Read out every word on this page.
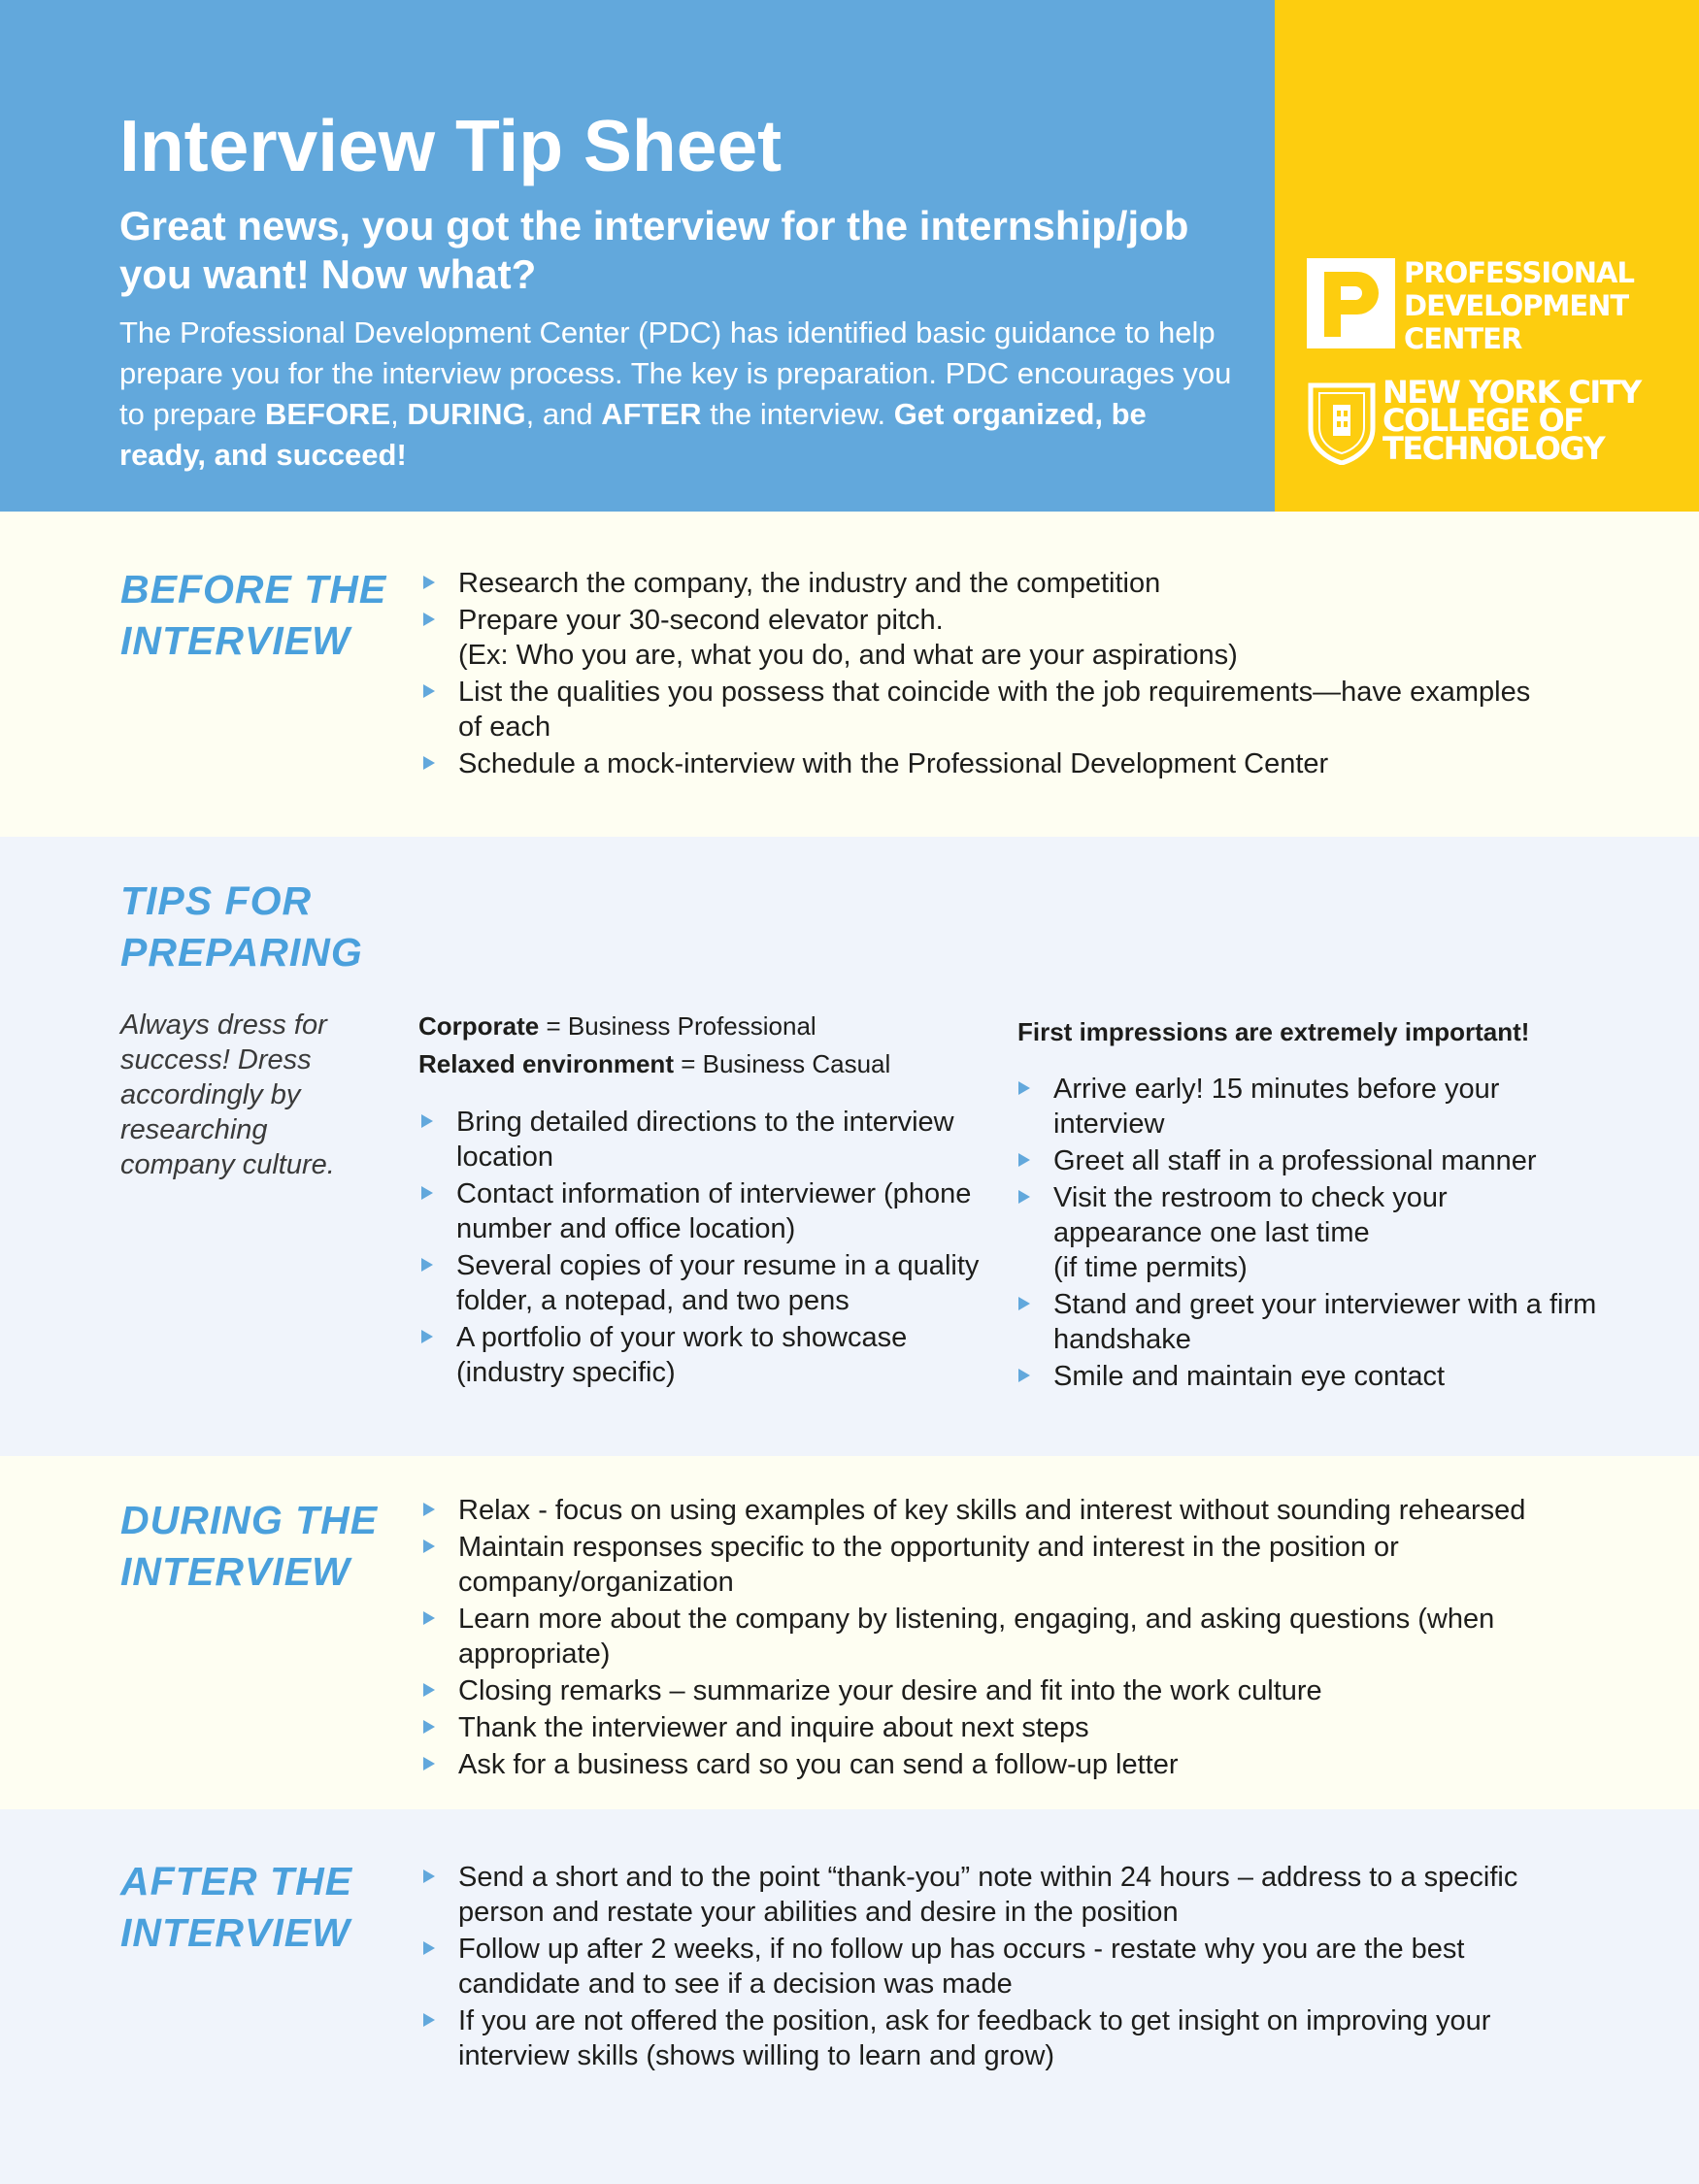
Interview Tip Sheet
Great news, you got the interview for the internship/job you want! Now what?

The Professional Development Center (PDC) has identified basic guidance to help prepare you for the interview process. The key is preparation. PDC encourages you to prepare BEFORE, DURING, and AFTER the interview. Get organized, be ready, and succeed!

PROFESSIONAL
DEVELOPMENT
CENTER
NEW YORK CITY
COLLEGE OF
TECHNOLOGY
BEFORE THE
INTERVIEW
Research the company, the industry and the competition
Prepare your 30-second elevator pitch.
(Ex: Who you are, what you do, and what are your aspirations)
List the qualities you possess that coincide with the job requirements—have examples of each
Schedule a mock-interview with the Professional Development Center
TIPS FOR
PREPARING

Always dress for success! Dress accordingly by researching company culture.

Corporate = Business Professional
Relaxed environment = Business Casual
Bring detailed directions to the interview location
Contact information of interviewer (phone number and office location)
Several copies of your resume in a quality folder, a notepad, and two pens
A portfolio of your work to showcase (industry specific)
First impressions are extremely important!
Arrive early! 15 minutes before your interview
Greet all staff in a professional manner
Visit the restroom to check your appearance one last time
(if time permits)
Stand and greet your interviewer with a firm handshake
Smile and maintain eye contact
DURING THE
INTERVIEW
Relax - focus on using examples of key skills and interest without sounding rehearsed
Maintain responses specific to the opportunity and interest in the position or company/organization
Learn more about the company by listening, engaging, and asking questions (when appropriate)
Closing remarks – summarize your desire and fit into the work culture
Thank the interviewer and inquire about next steps
Ask for a business card so you can send a follow-up letter
AFTER THE
INTERVIEW
Send a short and to the point “thank-you” note within 24 hours – address to a specific person and restate your abilities and desire in the position
Follow up after 2 weeks, if no follow up has occurs - restate why you are the best candidate and to see if a decision was made
If you are not offered the position, ask for feedback to get insight on improving your interview skills (shows willing to learn and grow)
